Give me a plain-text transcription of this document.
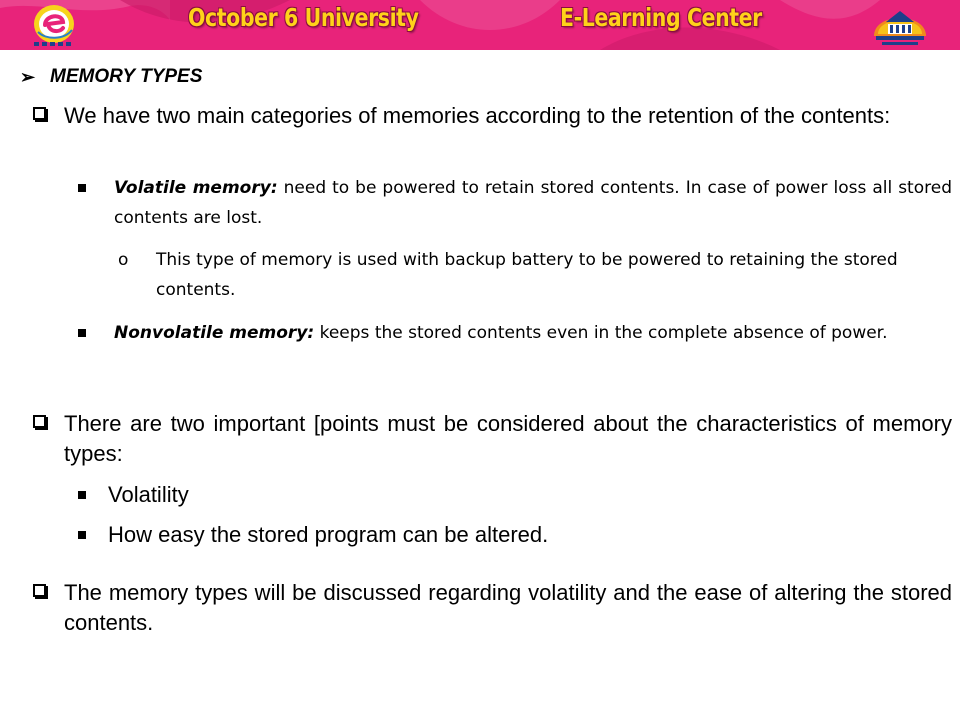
October 6 University	E-Learning Center
➢ MEMORY TYPES
We have two main categories of memories according to the retention of the contents:
Volatile memory: need to be powered to retain stored contents. In case of power loss all stored contents are lost.
o This type of memory is used with backup battery to be powered to retaining the stored contents.
Nonvolatile memory: keeps the stored contents even in the complete absence of power.
There are two important [points must be considered about the characteristics of memory types:
Volatility
How easy the stored program can be altered.
The memory types will be discussed regarding volatility and the ease of altering the stored contents.
